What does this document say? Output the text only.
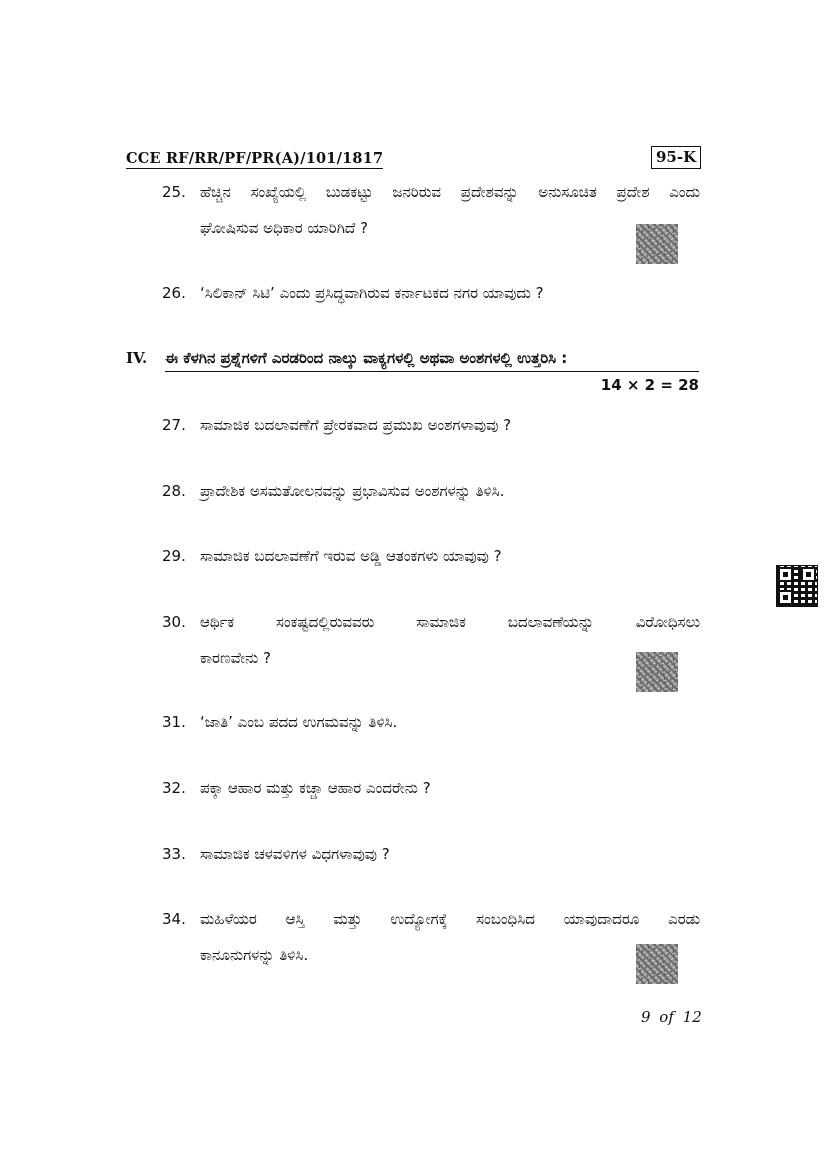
CCE RF/RR/PF/PR(A)/101/1817	95-K
25. ಹೆಚ್ಚಿನ ಸಂಖ್ಯೆಯಲ್ಲಿ ಬುಡಕಟ್ಟು ಜನರಿರುವ ಪ್ರದೇಶವನ್ನು ಅನುಸೂಚಿತ ಪ್ರದೇಶ ಎಂದು
ಘೋಷಿಸುವ ಅಧಿಕಾರ ಯಾರಿಗಿದೆ ?
26. ‘ಸಿಲಿಕಾನ್ ಸಿಟಿ’ ಎಂದು ಪ್ರಸಿದ್ಧವಾಗಿರುವ ಕರ್ನಾಟಕದ ನಗರ ಯಾವುದು ?
IV. ಈ ಕೆಳಗಿನ ಪ್ರಶ್ನೆಗಳಿಗೆ ಎರಡರಿಂದ ನಾಲ್ಕು ವಾಕ್ಯಗಳಲ್ಲಿ ಅಥವಾ ಅಂಶಗಳಲ್ಲಿ ಉತ್ತರಿಸಿ :
14 × 2 = 28
27. ಸಾಮಾಜಿಕ ಬದಲಾವಣೆಗೆ ಪ್ರೇರಕವಾದ ಪ್ರಮುಖ ಅಂಶಗಳಾವುವು ?
28. ಪ್ರಾದೇಶಿಕ ಅಸಮತೋಲನವನ್ನು ಪ್ರಭಾವಿಸುವ ಅಂಶಗಳನ್ನು ತಿಳಿಸಿ.
29. ಸಾಮಾಜಿಕ ಬದಲಾವಣೆಗೆ ಇರುವ ಅಡ್ಡಿ ಆತಂಕಗಳು ಯಾವುವು ?
30. ಆರ್ಥಿಕ ಸಂಕಷ್ಟದಲ್ಲಿರುವವರು ಸಾಮಾಜಿಕ ಬದಲಾವಣೆಯನ್ನು ವಿರೋಧಿಸಲು
ಕಾರಣವೇನು ?
31. ‘ಜಾತಿ’ ಎಂಬ ಪದದ ಉಗಮವನ್ನು ತಿಳಿಸಿ.
32. ಪಕ್ಕಾ ಆಹಾರ ಮತ್ತು ಕಚ್ಚಾ ಆಹಾರ ಎಂದರೇನು ?
33. ಸಾಮಾಜಿಕ ಚಳವಳಿಗಳ ವಿಧಗಳಾವುವು ?
34. ಮಹಿಳೆಯರ ಆಸ್ತಿ ಮತ್ತು ಉದ್ಯೋಗಕ್ಕೆ ಸಂಬಂಧಿಸಿದ ಯಾವುದಾದರೂ ಎರಡು
ಕಾನೂನುಗಳನ್ನು ತಿಳಿಸಿ.
9 of 12
